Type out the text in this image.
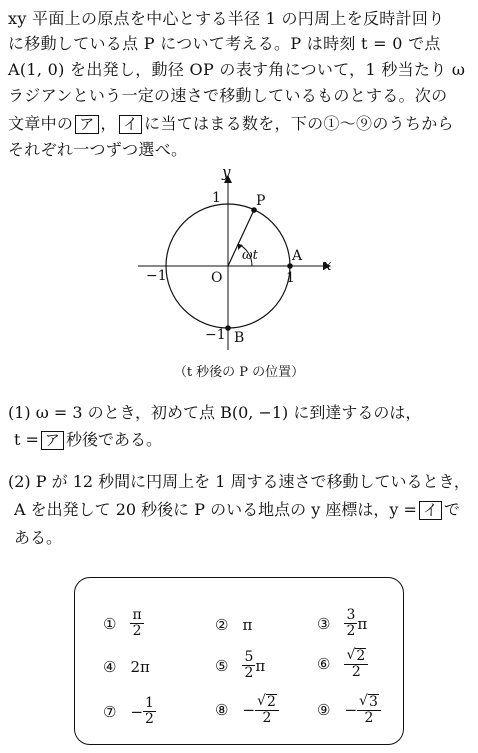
xy 平面上の原点を中心とする半径 1 の円周上を反時計回り
に移動している点 P について考える。P は時刻 t = 0 で点
A(1, 0) を出発し，動径 OP の表す角について，1 秒当たり ω
ラジアンという一定の速さで移動しているものとする。次の
文章中の ア ， イ に当てはまる数を，下の①～⑨のうちから
それぞれ一つずつ選べ。
y
x
1	P
ωt A
−1	O	1
−1 B
（t 秒後の P の位置）
(1) ω = 3 のとき，初めて点 B(0, −1) に到達するのは，
t = ア 秒後である。
(2) P が 12 秒間に円周上を 1 周する速さで移動しているとき，
A を出発して 20 秒後に P のいる地点の y 座標は，y = イ で
ある。
① $\frac{\pi}{2}$	② π	③ $\frac{3}{2}$ π
④ 2π	⑤ $\frac{5}{2}$ π	⑥ $\frac{√ 2}{2}$
⑦ − $\frac{1}{2}$	⑧ − $\frac{√ 2}{2}$	⑨ − $\frac{√ 3}{2}$
